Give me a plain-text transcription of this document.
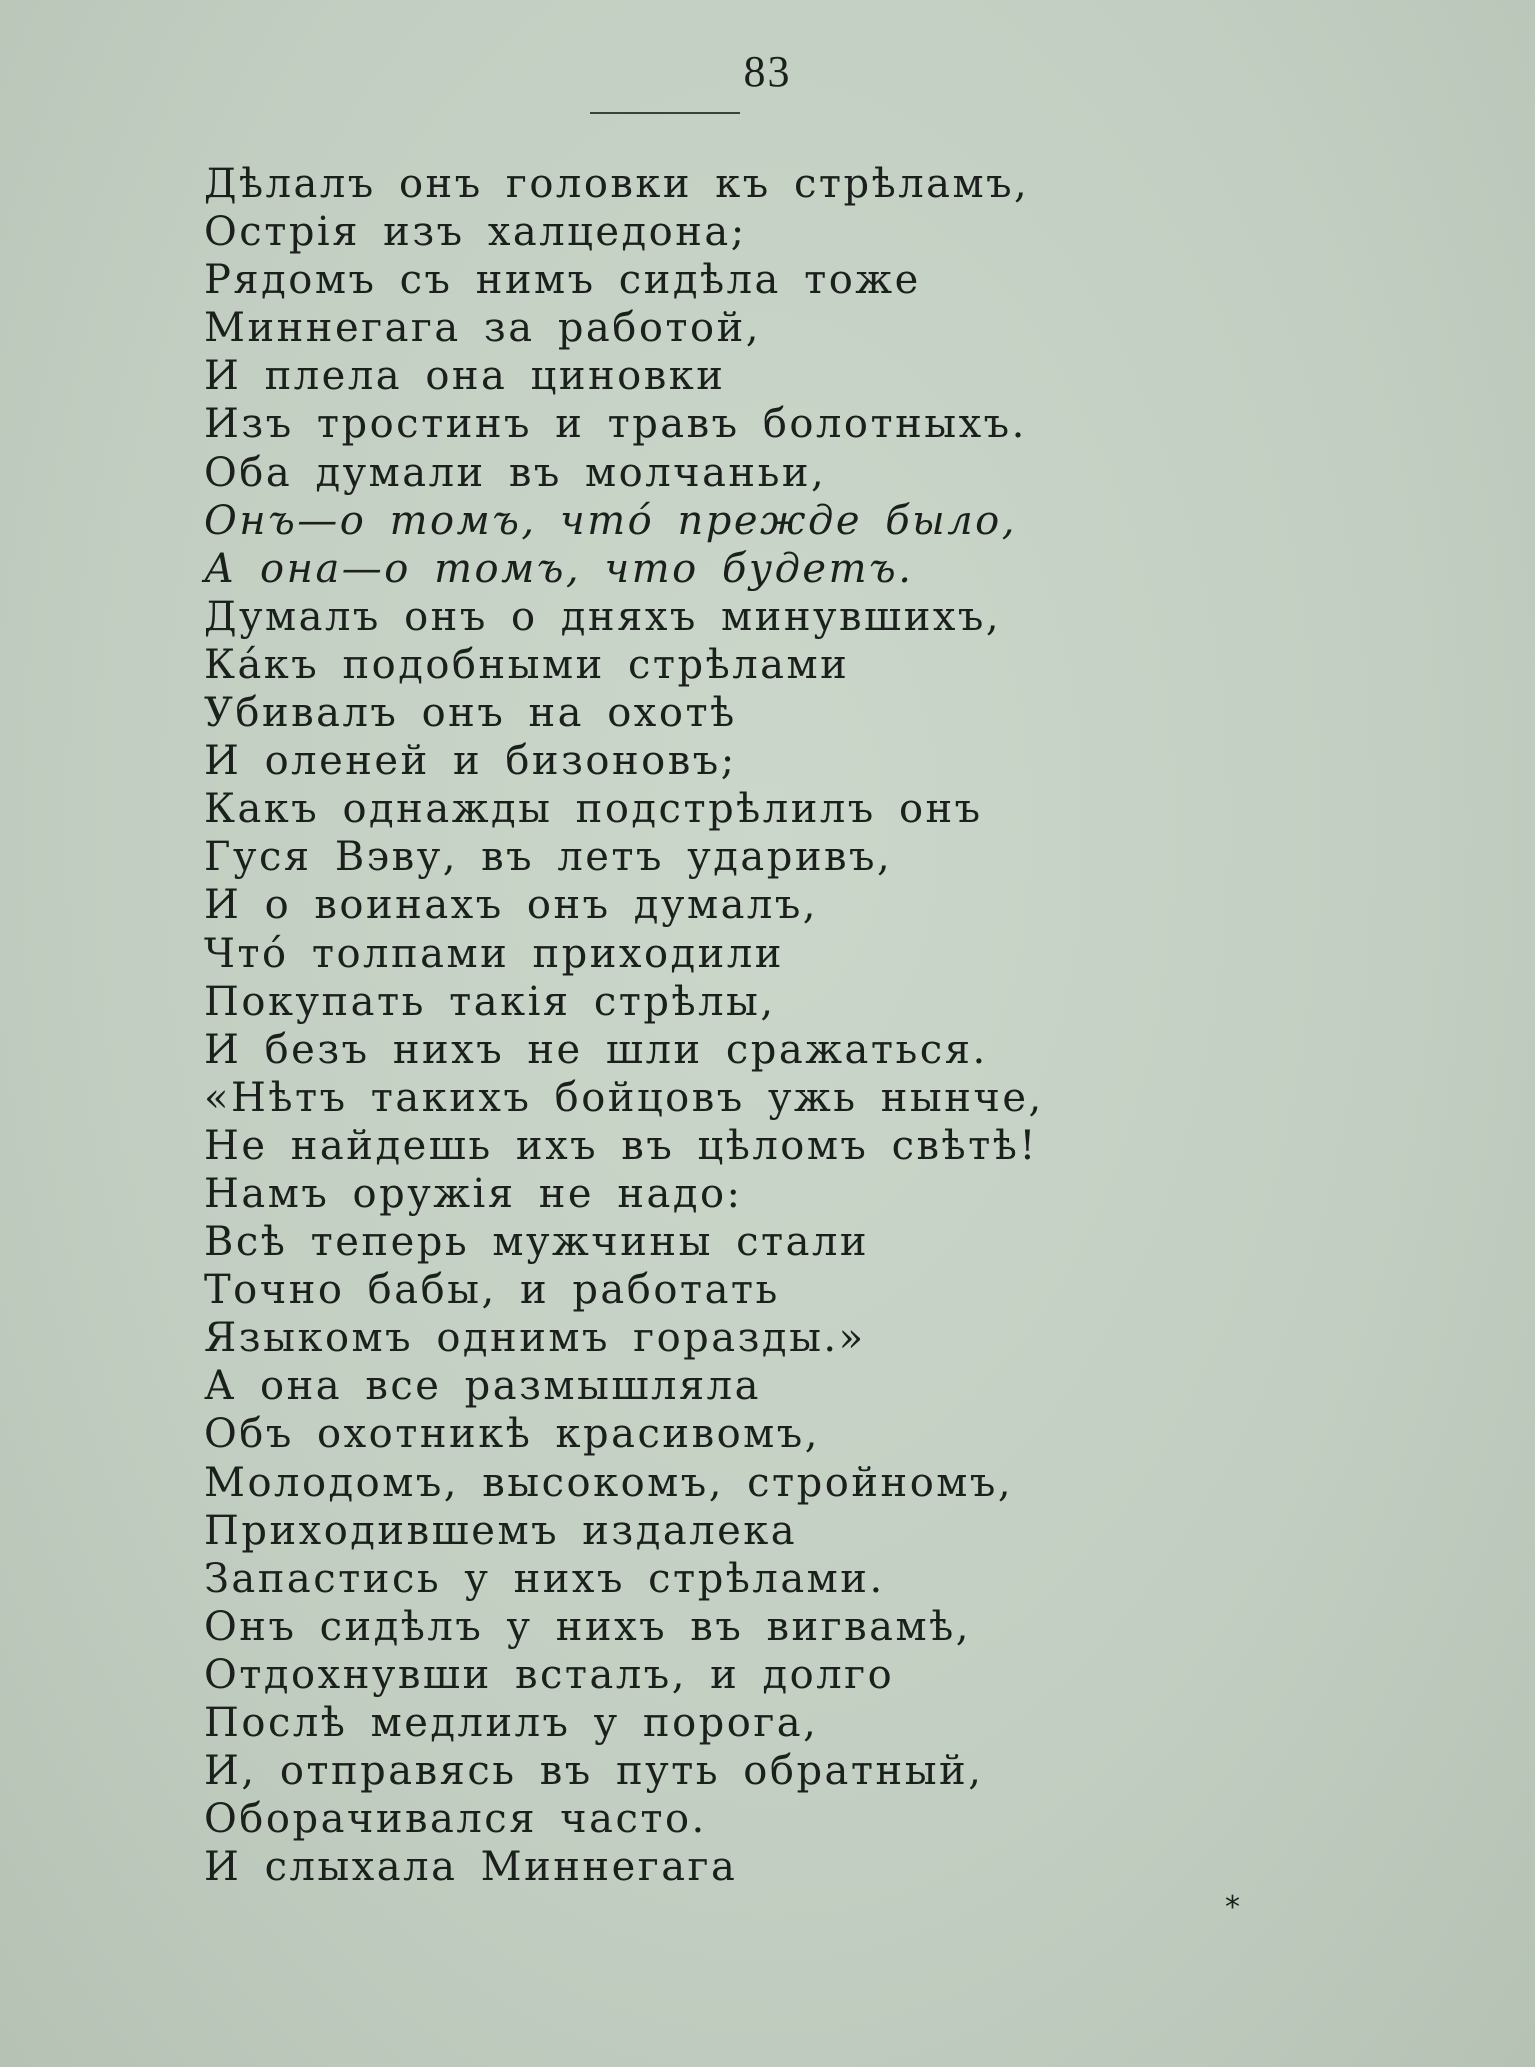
83
Дѣлалъ онъ головки къ стрѣламъ,
Острія изъ халцедона;
Рядомъ съ нимъ сидѣла тоже
Миннегага за работой,
И плела она циновки
Изъ тростинъ и травъ болотныхъ.
Оба думали въ молчаньи,
Онъ—о томъ, чтó прежде было,
А она—о томъ, что будетъ.
Думалъ онъ о дняхъ минувшихъ,
Кáкъ подобными стрѣлами
Убивалъ онъ на охотѣ
И оленей и бизоновъ;
Какъ однажды подстрѣлилъ онъ
Гуся Вэву, въ летъ ударивъ,
И о воинахъ онъ думалъ,
Чтó толпами приходили
Покупать такія стрѣлы,
И безъ нихъ не шли сражаться.
«Нѣтъ такихъ бойцовъ ужь нынче,
Не найдешь ихъ въ цѣломъ свѣтѣ!
Намъ оружія не надо:
Всѣ теперь мужчины стали
Точно бабы, и работать
Языкомъ однимъ горазды.»
А она все размышляла
Объ охотникѣ красивомъ,
Молодомъ, высокомъ, стройномъ,
Приходившемъ издалека
Запастись у нихъ стрѣлами.
Онъ сидѣлъ у нихъ въ вигвамѣ,
Отдохнувши всталъ, и долго
Послѣ медлилъ у порога,
И, отправясь въ путь обратный,
Оборачивался часто.
И слыхала Миннегага
*
